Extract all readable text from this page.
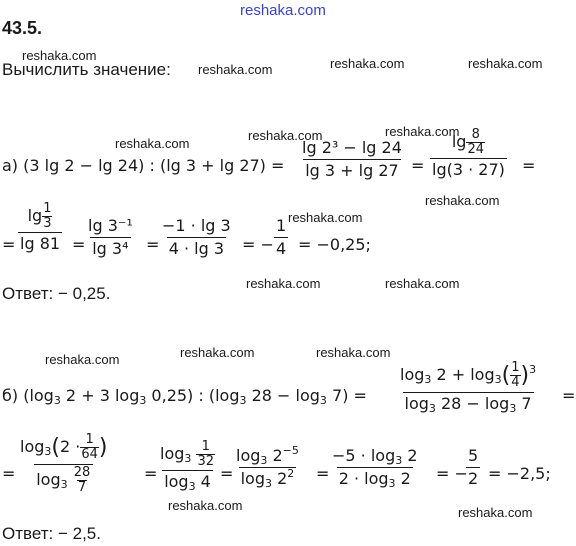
reshaka.com
reshaka.com
reshaka.com	reshaka.com	reshaka.com
reshaka.com
reshaka.com	reshaka.com
reshaka.com
reshaka.com
reshaka.com	reshaka.com
reshaka.com	reshaka.com	reshaka.com
reshaka.com	reshaka.com
43.5.
Вычислить значение:
а) (3 lg 2 − lg 24) : (lg $3 + \lg 27) = \frac{\text{lg 2³ − lg 24}}{\lg 3 + \lg 27} = \frac{\lg \frac{8}{24}}{\lg(3 \cdot 27)}$ =
= $\frac{\lg \frac{1}{3}}{\lg 81} = \frac{\text{lg 3⁻¹}}{\text{lg 3⁴}} = \frac{-1 \cdot \lg 3}{4 \cdot \lg 3}$ = − $\frac{1}{4} = -0,25$;
Ответ: − 0,25.
б) ($\log_3$ 2 + 3 $\log_3 0,25$) : ($\log_3$ $28 - \log_3 7) = \frac{\log_3 2 + \log_3( \frac{1}{4} )^3}{\log_3 28 - \log_3 7}$ =
= $\frac{\log_3(2 \cdot \frac{1}{64} )}{\log_3 \frac{28}{7}} = \frac{\log_3 \frac{1}{32}}{\log_3 4} = \frac{\log_3 2^{-5}}{\log_3 2^2} = \frac{-5 \cdot \log_3 2}{2 \cdot \log_3 2}$ = −
$\frac{5}{2} = -2,5$;
Ответ: − 2,5.
